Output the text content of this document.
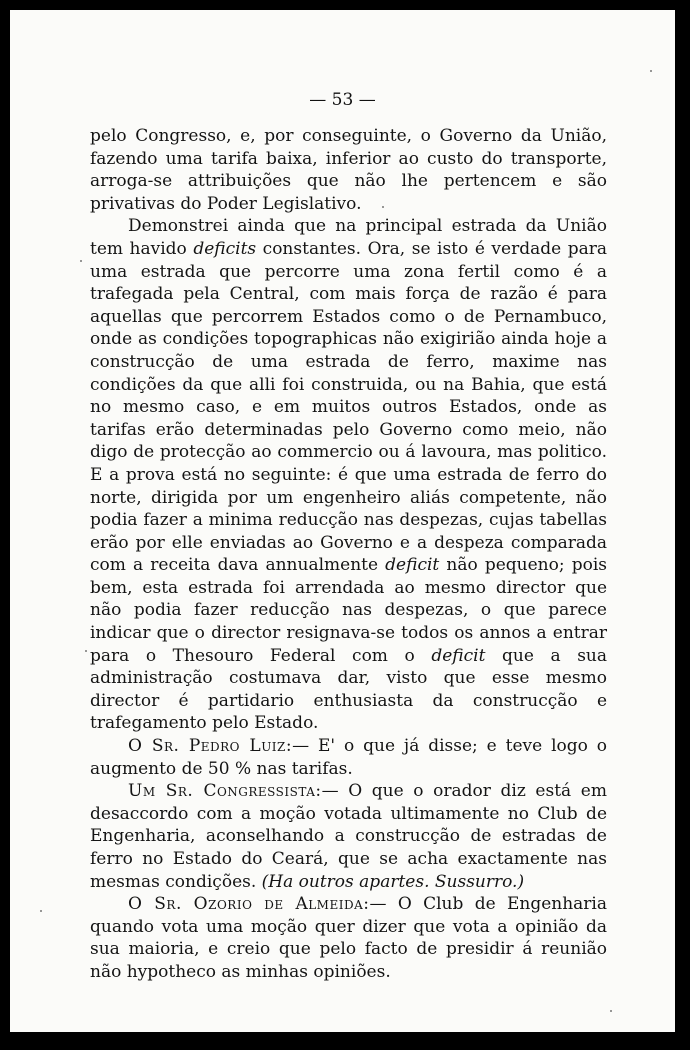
— 53 —

pelo Congresso, e, por conseguinte, o Governo da União, fazendo uma tarifa baixa, inferior ao custo do transporte, arroga-se attribuições que não lhe pertencem e são privativas do Poder Legislativo.

Demonstrei ainda que na principal estrada da União tem havido deficits constantes. Ora, se isto é verdade para uma estrada que percorre uma zona fertil como é a trafegada pela Central, com mais força de razão é para aquellas que percorrem Estados como o de Pernambuco, onde as condições topographicas não exigirião ainda hoje a construcção de uma estrada de ferro, maxime nas condições da que alli foi construida, ou na Bahia, que está no mesmo caso, e em muitos outros Estados, onde as tarifas erão determinadas pelo Governo como meio, não digo de protecção ao commercio ou á lavoura, mas politico. E a prova está no seguinte: é que uma estrada de ferro do norte, dirigida por um engenheiro aliás competente, não podia fazer a minima reducção nas despezas, cujas tabellas erão por elle enviadas ao Governo e a despeza comparada com a receita dava annualmente deficit não pequeno; pois bem, esta estrada foi arrendada ao mesmo director que não podia fazer reducção nas despezas, o que parece indicar que o director resignava-se todos os annos a entrar para o Thesouro Federal com o deficit que a sua administração costumava dar, visto que esse mesmo director é partidario enthusiasta da construcção e trafegamento pelo Estado.

O Sr. Pedro Luiz:— E' o que já disse; e teve logo o augmento de 50 % nas tarifas.

Um Sr. Congressista:— O que o orador diz está em desaccordo com a moção votada ultimamente no Club de Engenharia, aconselhando a construcção de estradas de ferro no Estado do Ceará, que se acha exactamente nas mesmas condições. (Ha outros apartes. Sussurro.)

O Sr. Ozorio de Almeida:— O Club de Engenharia quando vota uma moção quer dizer que vota a opinião da sua maioria, e creio que pelo facto de presidir á reunião não hypotheco as minhas opiniões.
